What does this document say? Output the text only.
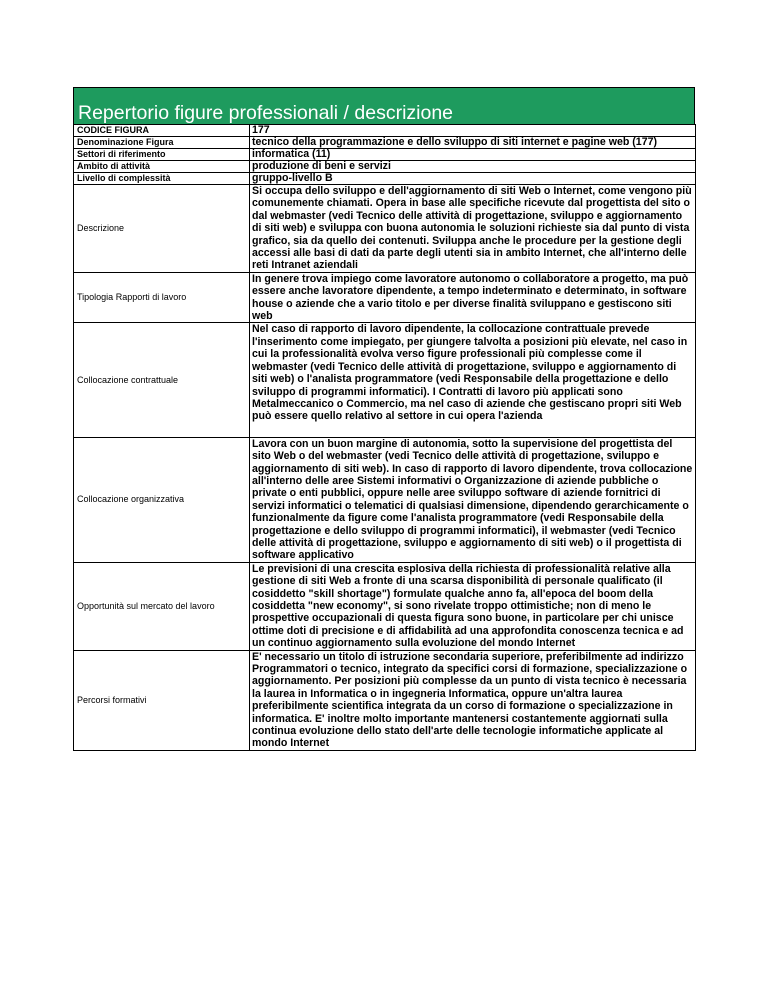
Repertorio figure professionali / descrizione
CODICE FIGURA	177
Denominazione Figura	tecnico della programmazione e dello sviluppo di siti internet e pagine web (177)
Settori di riferimento	informatica (11)
Ambito di attività	produzione di beni e servizi
Livello di complessità	gruppo-livello B
Descrizione	Si occupa dello sviluppo e dell'aggiornamento di siti Web o Internet, come vengono più comunemente chiamati. Opera in base alle specifiche ricevute dal progettista del sito o dal webmaster (vedi Tecnico delle attività di progettazione, sviluppo e aggiornamento di siti web) e sviluppa con buona autonomia le soluzioni richieste sia dal punto di vista grafico, sia da quello dei contenuti. Sviluppa anche le procedure per la gestione degli accessi alle basi di dati da parte degli utenti sia in ambito Internet, che all'interno delle reti Intranet aziendali
Tipologia Rapporti di lavoro	In genere trova impiego come lavoratore autonomo o collaboratore a progetto, ma può essere anche lavoratore dipendente, a tempo indeterminato e determinato, in software house o aziende che a vario titolo e per diverse finalità sviluppano e gestiscono siti web
Collocazione contrattuale	Nel caso di rapporto di lavoro dipendente, la collocazione contrattuale prevede l'inserimento come impiegato, per giungere talvolta a posizioni più elevate, nel caso in cui la professionalità evolva verso figure professionali più complesse come il webmaster (vedi Tecnico delle attività di progettazione, sviluppo e aggiornamento di siti web) o l'analista programmatore (vedi Responsabile della progettazione e dello sviluppo di programmi informatici). I Contratti di lavoro più applicati sono Metalmeccanico o Commercio, ma nel caso di aziende che gestiscano propri siti Web può essere quello relativo al settore in cui opera l'azienda
Collocazione organizzativa	Lavora con un buon margine di autonomia, sotto la supervisione del progettista del sito Web o del webmaster (vedi Tecnico delle attività di progettazione, sviluppo e aggiornamento di siti web). In caso di rapporto di lavoro dipendente, trova collocazione all'interno delle aree Sistemi informativi o Organizzazione di aziende pubbliche o private o enti pubblici, oppure nelle aree sviluppo software di aziende fornitrici di servizi informatici o telematici di qualsiasi dimensione, dipendendo gerarchicamente o funzionalmente da figure come l'analista programmatore (vedi Responsabile della progettazione e dello sviluppo di programmi informatici), il webmaster (vedi Tecnico delle attività di progettazione, sviluppo e aggiornamento di siti web) o il progettista di software applicativo
Opportunità sul mercato del lavoro	Le previsioni di una crescita esplosiva della richiesta di professionalità relative alla gestione di siti Web a fronte di una scarsa disponibilità di personale qualificato (il cosiddetto "skill shortage") formulate qualche anno fa, all'epoca del boom della cosiddetta "new economy", si sono rivelate troppo ottimistiche; non di meno le prospettive occupazionali di questa figura sono buone, in particolare per chi unisce ottime doti di precisione e di affidabilità ad una approfondita conoscenza tecnica e ad un continuo aggiornamento sulla evoluzione del mondo Internet
Percorsi formativi	E' necessario un titolo di istruzione secondaria superiore, preferibilmente ad indirizzo Programmatori o tecnico, integrato da specifici corsi di formazione, specializzazione o aggiornamento. Per posizioni più complesse da un punto di vista tecnico è necessaria la laurea in Informatica o in ingegneria Informatica, oppure un'altra laurea preferibilmente scientifica integrata da un corso di formazione o specializzazione in informatica. E' inoltre molto importante mantenersi costantemente aggiornati sulla continua evoluzione dello stato dell'arte delle tecnologie informatiche applicate al mondo Internet
